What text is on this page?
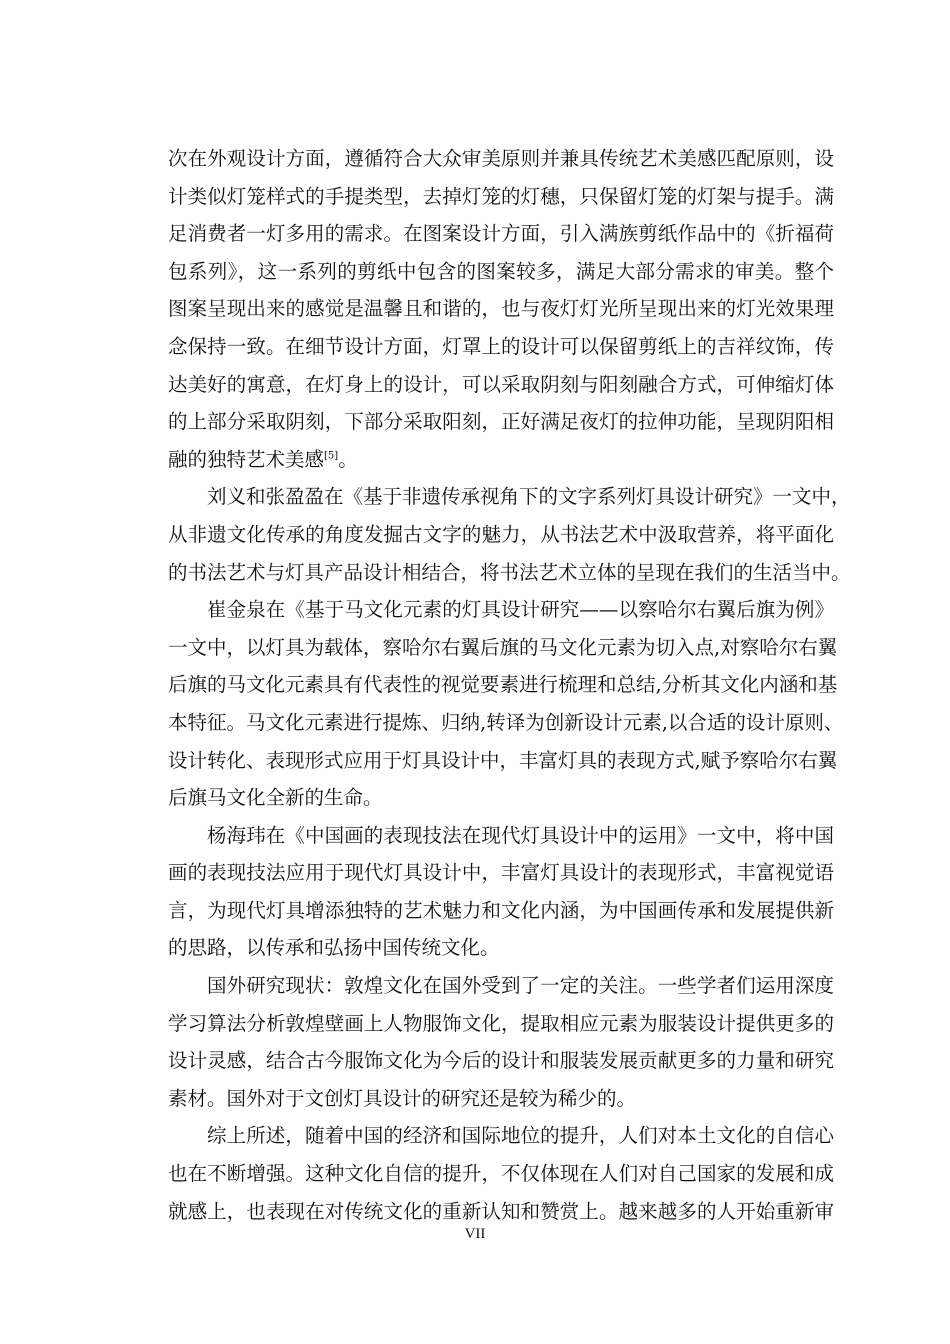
次在外观设计方面，遵循符合大众审美原则并兼具传统艺术美感匹配原则，设
计类似灯笼样式的手提类型，去掉灯笼的灯穗，只保留灯笼的灯架与提手。满
足消费者一灯多用的需求。在图案设计方面，引入满族剪纸作品中的《折福荷
包系列》，这一系列的剪纸中包含的图案较多，满足大部分需求的审美。整个
图案呈现出来的感觉是温馨且和谐的，也与夜灯灯光所呈现出来的灯光效果理
念保持一致。在细节设计方面，灯罩上的设计可以保留剪纸上的吉祥纹饰，传
达美好的寓意，在灯身上的设计，可以采取阴刻与阳刻融合方式，可伸缩灯体
的上部分采取阴刻，下部分采取阳刻，正好满足夜灯的拉伸功能，呈现阴阳相
融的独特艺术美感[5]。
刘义和张盈盈在《基于非遗传承视角下的文字系列灯具设计研究》一文中，
从非遗文化传承的角度发掘古文字的魅力，从书法艺术中汲取营养，将平面化
的书法艺术与灯具产品设计相结合，将书法艺术立体的呈现在我们的生活当中。
崔金泉在《基于马文化元素的灯具设计研究——以察哈尔右翼后旗为例》
一文中，以灯具为载体，察哈尔右翼后旗的马文化元素为切入点,对察哈尔右翼
后旗的马文化元素具有代表性的视觉要素进行梳理和总结,分析其文化内涵和基
本特征。马文化元素进行提炼、归纳,转译为创新设计元素,以合适的设计原则、
设计转化、表现形式应用于灯具设计中，丰富灯具的表现方式,赋予察哈尔右翼
后旗马文化全新的生命。
杨海玮在《中国画的表现技法在现代灯具设计中的运用》一文中，将中国
画的表现技法应用于现代灯具设计中，丰富灯具设计的表现形式，丰富视觉语
言，为现代灯具增添独特的艺术魅力和文化内涵，为中国画传承和发展提供新
的思路，以传承和弘扬中国传统文化。
国外研究现状：敦煌文化在国外受到了一定的关注。一些学者们运用深度
学习算法分析敦煌壁画上人物服饰文化，提取相应元素为服装设计提供更多的
设计灵感，结合古今服饰文化为今后的设计和服装发展贡献更多的力量和研究
素材。国外对于文创灯具设计的研究还是较为稀少的。
综上所述，随着中国的经济和国际地位的提升，人们对本土文化的自信心
也在不断增强。这种文化自信的提升，不仅体现在人们对自己国家的发展和成
就感上，也表现在对传统文化的重新认知和赞赏上。越来越多的人开始重新审
VII
